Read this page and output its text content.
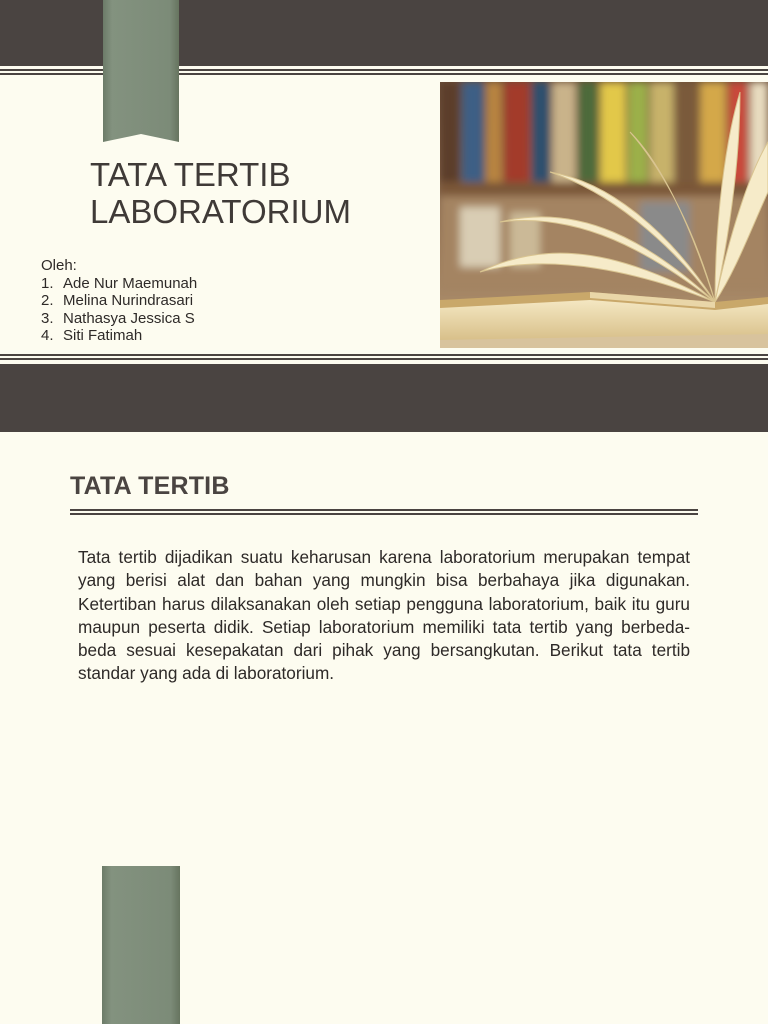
TATA TERTIB
LABORATORIUM
Oleh:
1. Ade Nur Maemunah
2. Melina Nurindrasari
3. Nathasya Jessica S
4. Siti Fatimah
TATA TERTIB
Tata tertib dijadikan suatu keharusan karena laboratorium merupakan tempat yang berisi alat dan bahan yang mungkin bisa berbahaya jika digunakan. Ketertiban harus dilaksanakan oleh setiap pengguna laboratorium, baik itu guru maupun peserta didik. Setiap laboratorium memiliki tata tertib yang berbeda-beda sesuai kesepakatan dari pihak yang bersangkutan. Berikut tata tertib standar yang ada di laboratorium.
